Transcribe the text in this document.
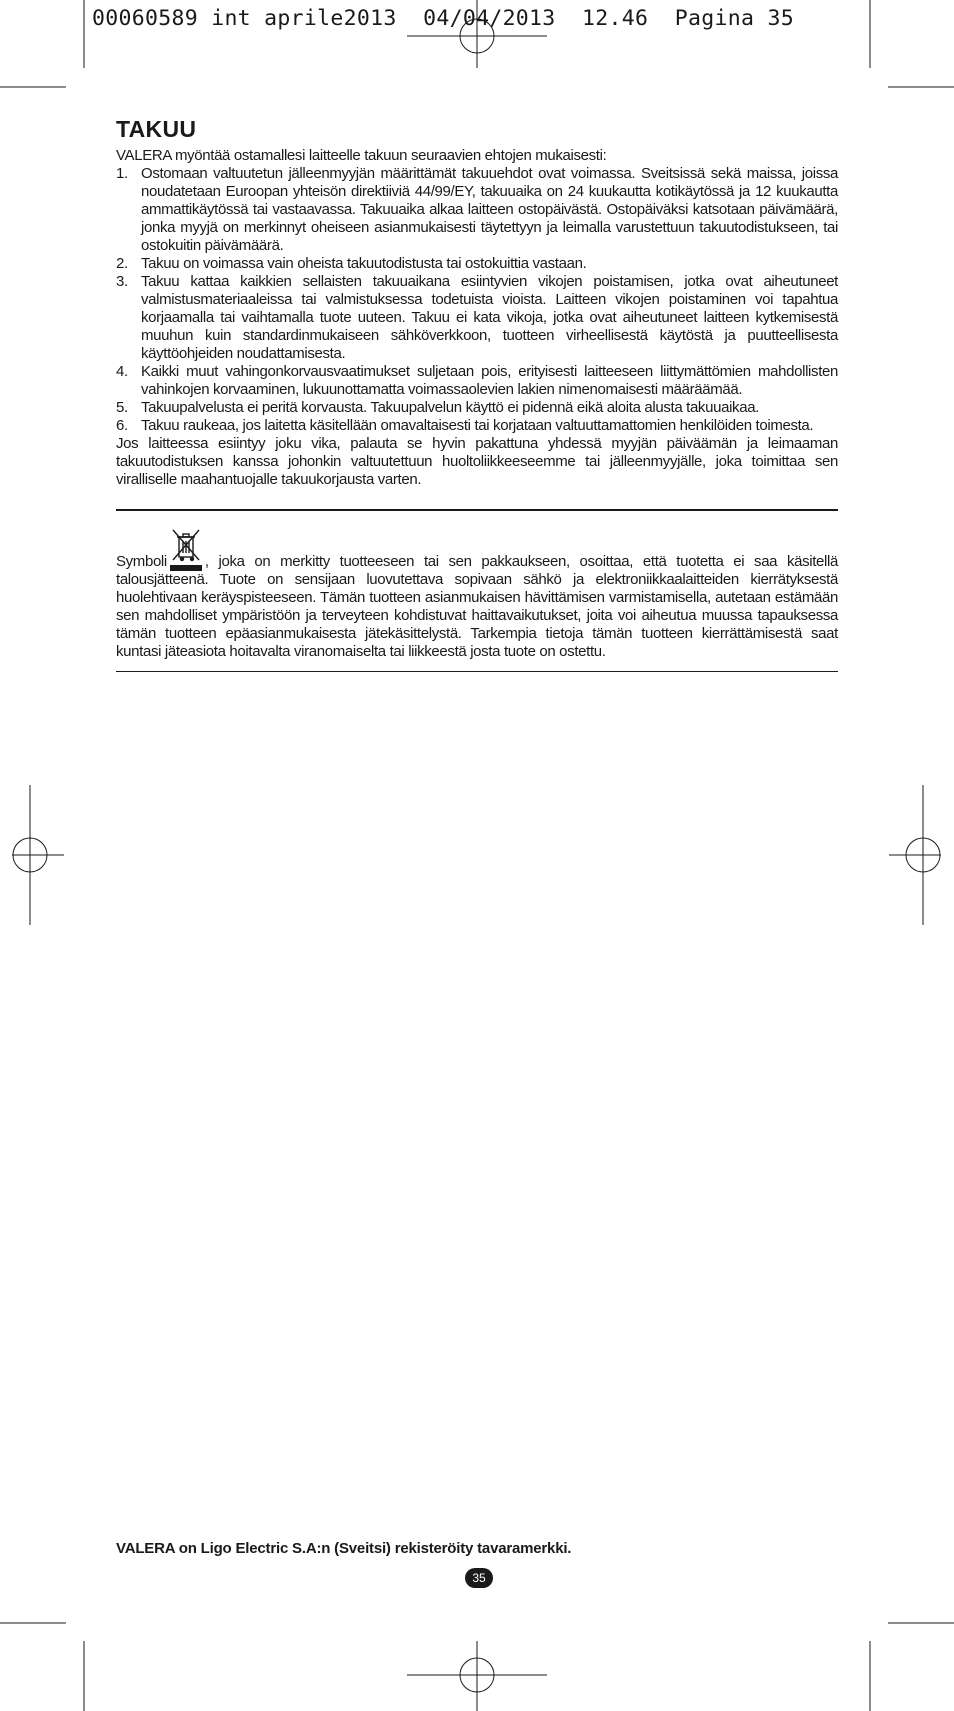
00060589 int aprile2013  04/04/2013  12.46  Pagina 35
TAKUU

VALERA myöntää ostamallesi laitteelle takuun seuraavien ehtojen mukaisesti:

1. Ostomaan valtuutetun jälleenmyyjän määrittämät takuuehdot ovat voimassa. Sveitsissä sekä maissa, joissa noudatetaan Euroopan yhteisön direktiiviä 44/99/EY, takuuaika on 24 kuukautta kotikäytössä ja 12 kuukautta ammattikäytössä tai vastaavassa. Takuuaika alkaa laitteen ostopäivästä. Ostopäiväksi katsotaan päivämäärä, jonka myyjä on merkinnyt oheiseen asianmukaisesti täytettyyn ja leimalla varustettuun takuutodistukseen, tai ostokuitin päivämäärä.
2. Takuu on voimassa vain oheista takuutodistusta tai ostokuittia vastaan.
3. Takuu kattaa kaikkien sellaisten takuuaikana esiintyvien vikojen poistamisen, jotka ovat aiheutuneet valmistusmateriaaleissa tai valmistuksessa todetuista vioista. Laitteen vikojen poistaminen voi tapahtua korjaamalla tai vaihtamalla tuote uuteen. Takuu ei kata vikoja, jotka ovat aiheutuneet laitteen kytkemisestä muuhun kuin standardinmukaiseen sähköverkkoon, tuotteen virheellisestä käytöstä ja puutteellisesta käyttöohjeiden noudattamisesta.
4. Kaikki muut vahingonkorvausvaatimukset suljetaan pois, erityisesti laitteeseen liittymättömien mahdollisten vahinkojen korvaaminen, lukuunottamatta voimassaolevien lakien nimenomaisesti määräämää.
5. Takuupalvelusta ei peritä korvausta. Takuupalvelun käyttö ei pidennä eikä aloita alusta takuuaikaa.
6. Takuu raukeaa, jos laitetta käsitellään omavaltaisesti tai korjataan valtuuttamattomien henkilöiden toimesta.

Jos laitteessa esiintyy joku vika, palauta se hyvin pakattuna yhdessä myyjän päiväämän ja leimaaman takuutodistuksen kanssa johonkin valtuutettuun huoltoliikkeeseemme tai jälleenmyyjälle, joka toimittaa sen viralliselle maahantuojalle takuukorjausta varten.

Symboli	, joka on merkitty tuotteeseen tai sen pakkaukseen, osoittaa, että tuotetta ei saa käsitellä talousjätteenä. Tuote on sensijaan luovutettava sopivaan sähkö ja elektroniikkaalaitteiden kierrätyksestä huolehtivaan keräyspisteeseen. Tämän tuotteen asianmukaisen hävittämisen varmistamisella, autetaan estämään sen mahdolliset ympäristöön ja terveyteen kohdistuvat haittavaikutukset, joita voi aiheutua muussa tapauksessa tämän tuotteen epäasianmukaisesta jätekäsittelystä. Tarkempia tietoja tämän tuotteen kierrättämisestä saat kuntasi jäteasiota hoitavalta viranomaiselta tai liikkeestä josta tuote on ostettu.

VALERA on Ligo Electric S.A:n (Sveitsi) rekisteröity tavaramerkki.
35
